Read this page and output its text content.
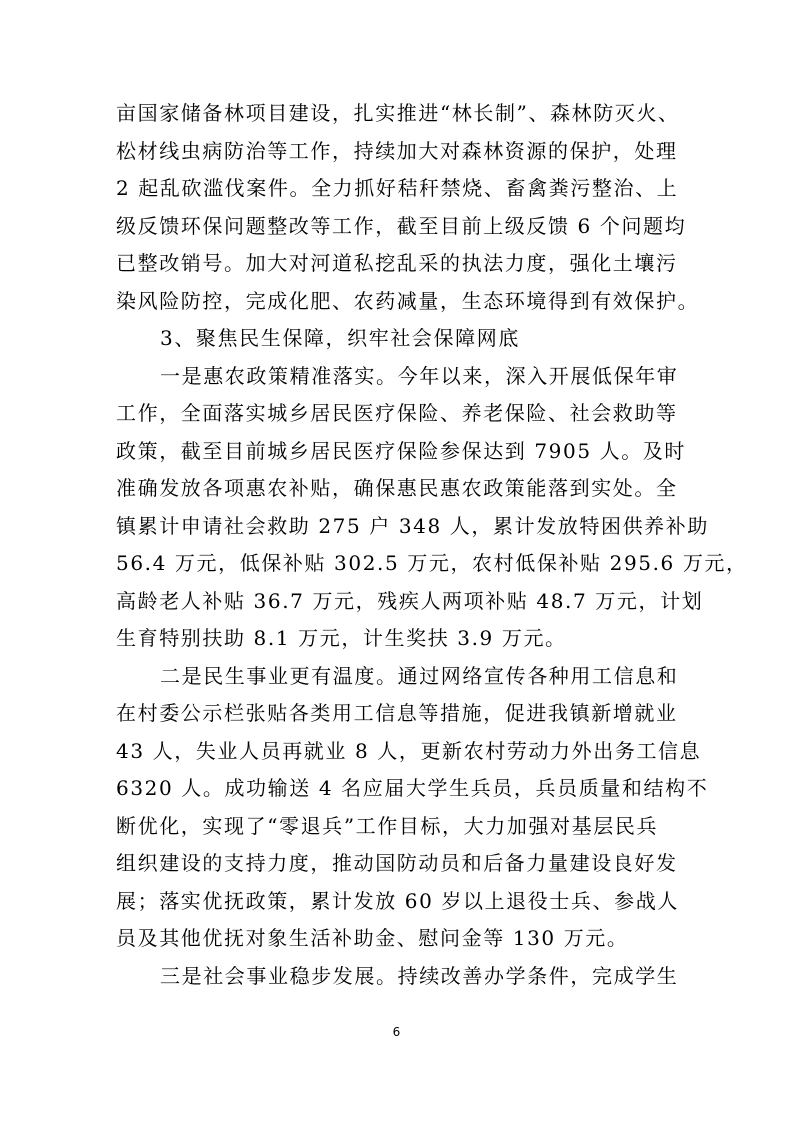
亩国家储备林项目建设，扎实推进“林长制”、森林防灭火、
松材线虫病防治等工作，持续加大对森林资源的保护，处理
2 起乱砍滥伐案件。全力抓好秸秆禁烧、畜禽粪污整治、上
级反馈环保问题整改等工作，截至目前上级反馈 6 个问题均
已整改销号。加大对河道私挖乱采的执法力度，强化土壤污
染风险防控，完成化肥、农药减量，生态环境得到有效保护。
3、聚焦民生保障，织牢社会保障网底
一是惠农政策精准落实。今年以来，深入开展低保年审
工作，全面落实城乡居民医疗保险、养老保险、社会救助等
政策，截至目前城乡居民医疗保险参保达到 7905 人。及时
准确发放各项惠农补贴，确保惠民惠农政策能落到实处。全
镇累计申请社会救助 275 户 348 人，累计发放特困供养补助
56.4 万元，低保补贴 302.5 万元，农村低保补贴 295.6 万元，
高龄老人补贴 36.7 万元，残疾人两项补贴 48.7 万元，计划
生育特别扶助 8.1 万元，计生奖扶 3.9 万元。
二是民生事业更有温度。通过网络宣传各种用工信息和
在村委公示栏张贴各类用工信息等措施，促进我镇新增就业
43 人，失业人员再就业 8 人，更新农村劳动力外出务工信息
6320 人。成功输送 4 名应届大学生兵员，兵员质量和结构不
断优化，实现了“零退兵”工作目标，大力加强对基层民兵
组织建设的支持力度，推动国防动员和后备力量建设良好发
展；落实优抚政策，累计发放 60 岁以上退役士兵、参战人
员及其他优抚对象生活补助金、慰问金等 130 万元。
三是社会事业稳步发展。持续改善办学条件，完成学生
6
